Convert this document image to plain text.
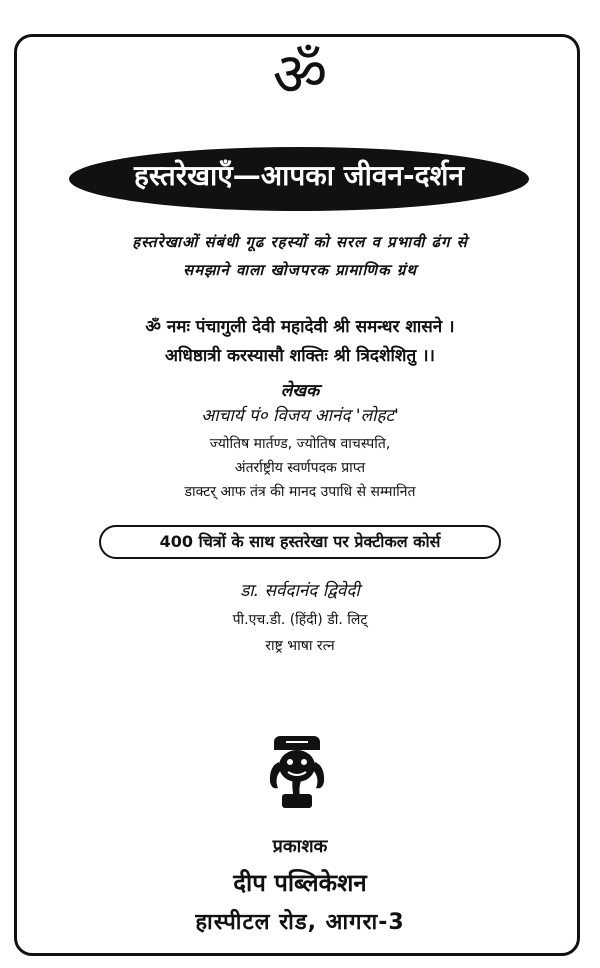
ॐ
हस्तरेखाएँ—आपका जीवन-दर्शन
हस्तरेखाओं संबंधी गूढ रहस्यों को सरल व प्रभावी ढंग से
समझाने वाला खोजपरक प्रामाणिक ग्रंथ
ॐ नमः पंचागुली देवी महादेवी श्री समन्धर शासने ।
अधिष्ठात्री करस्यासौ शक्तिः श्री त्रिदशेशितु ।।
लेखक
आचार्य पं० विजय आनंद 'लोहट'
ज्योतिष मार्तण्ड, ज्योतिष वाचस्पति,
अंतर्राष्ट्रीय स्वर्णपदक प्राप्त
डाक्टर् आफ तंत्र की मानद उपाधि से सम्मानित
400 चित्रों के साथ हस्तरेखा पर प्रेक्टीकल कोर्स
डा. सर्वदानंद द्विवेदी
पी.एच.डी. (हिंदी) डी. लिट्
राष्ट्र भाषा रत्न
प्रकाशक
दीप पब्लिकेशन
हास्पीटल रोड, आगरा-3
